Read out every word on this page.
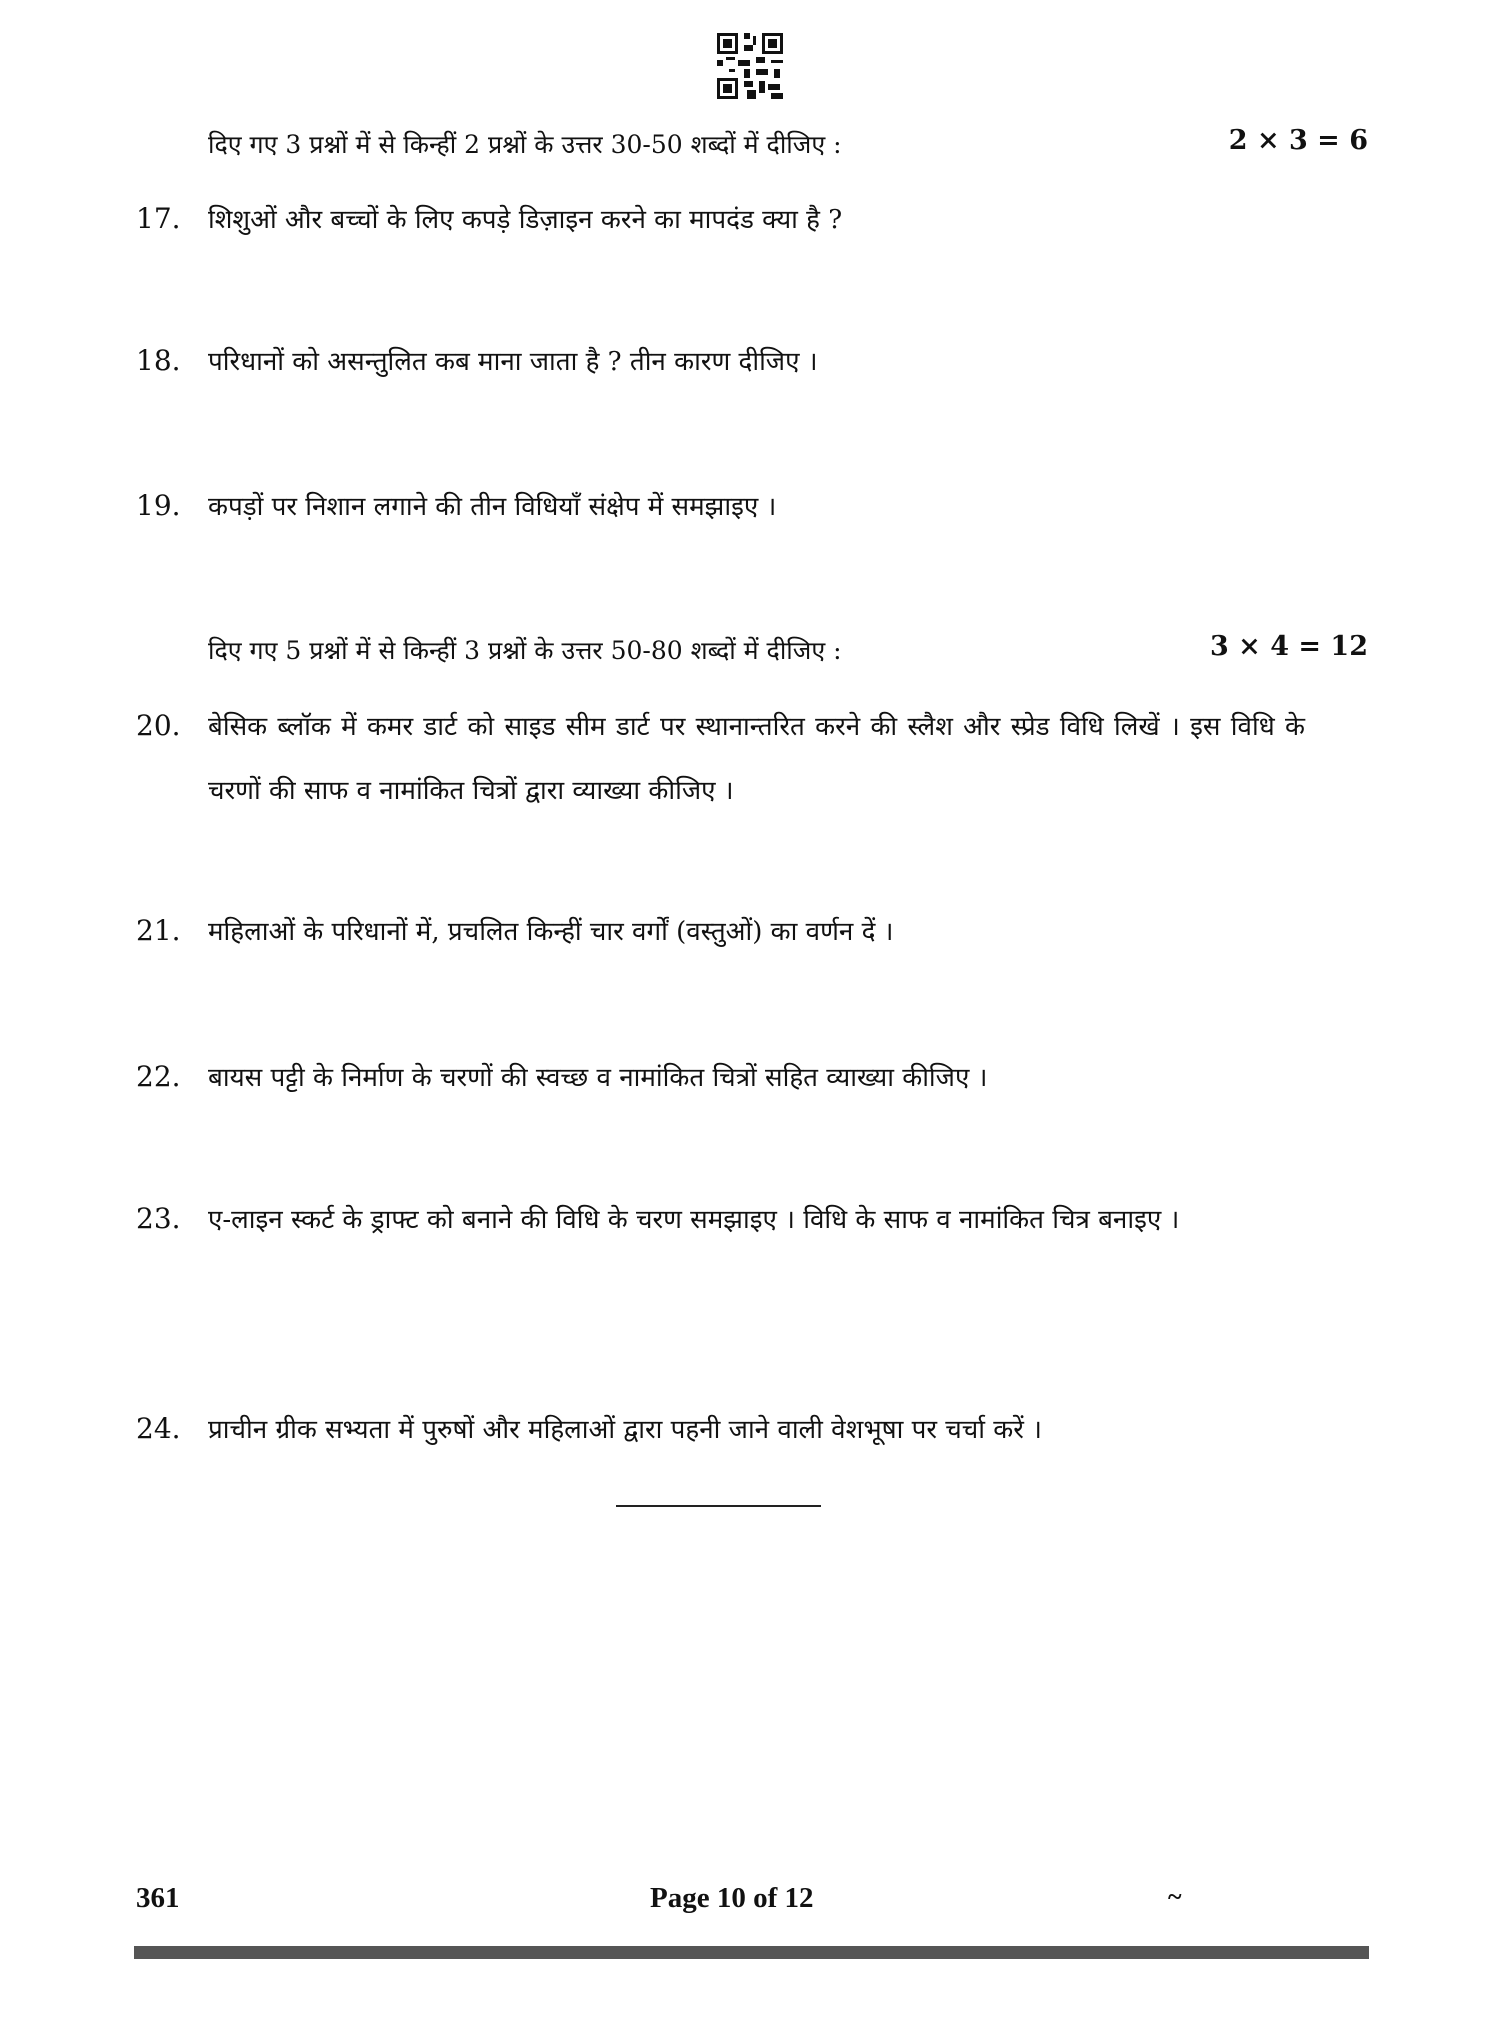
दिए गए 3 प्रश्नों में से किन्हीं 2 प्रश्नों के उत्तर 30-50 शब्दों में दीजिए :	2 × 3 = 6
17. शिशुओं और बच्चों के लिए कपड़े डिज़ाइन करने का मापदंड क्या है ?
18. परिधानों को असन्तुलित कब माना जाता है ? तीन कारण दीजिए ।
19. कपड़ों पर निशान लगाने की तीन विधियाँ संक्षेप में समझाइए ।
दिए गए 5 प्रश्नों में से किन्हीं 3 प्रश्नों के उत्तर 50-80 शब्दों में दीजिए :	3 × 4 = 12
20. बेसिक ब्लॉक में कमर डार्ट को साइड सीम डार्ट पर स्थानान्तरित करने की स्लैश और स्प्रेड विधि लिखें । इस विधि के चरणों की साफ व नामांकित चित्रों द्वारा व्याख्या कीजिए ।
21. महिलाओं के परिधानों में, प्रचलित किन्हीं चार वर्गों (वस्तुओं) का वर्णन दें ।
22. बायस पट्टी के निर्माण के चरणों की स्वच्छ व नामांकित चित्रों सहित व्याख्या कीजिए ।
23. ए-लाइन स्कर्ट के ड्राफ्ट को बनाने की विधि के चरण समझाइए । विधि के साफ व नामांकित चित्र बनाइए ।
24. प्राचीन ग्रीक सभ्यता में पुरुषों और महिलाओं द्वारा पहनी जाने वाली वेशभूषा पर चर्चा करें ।
361	Page 10 of 12	~
